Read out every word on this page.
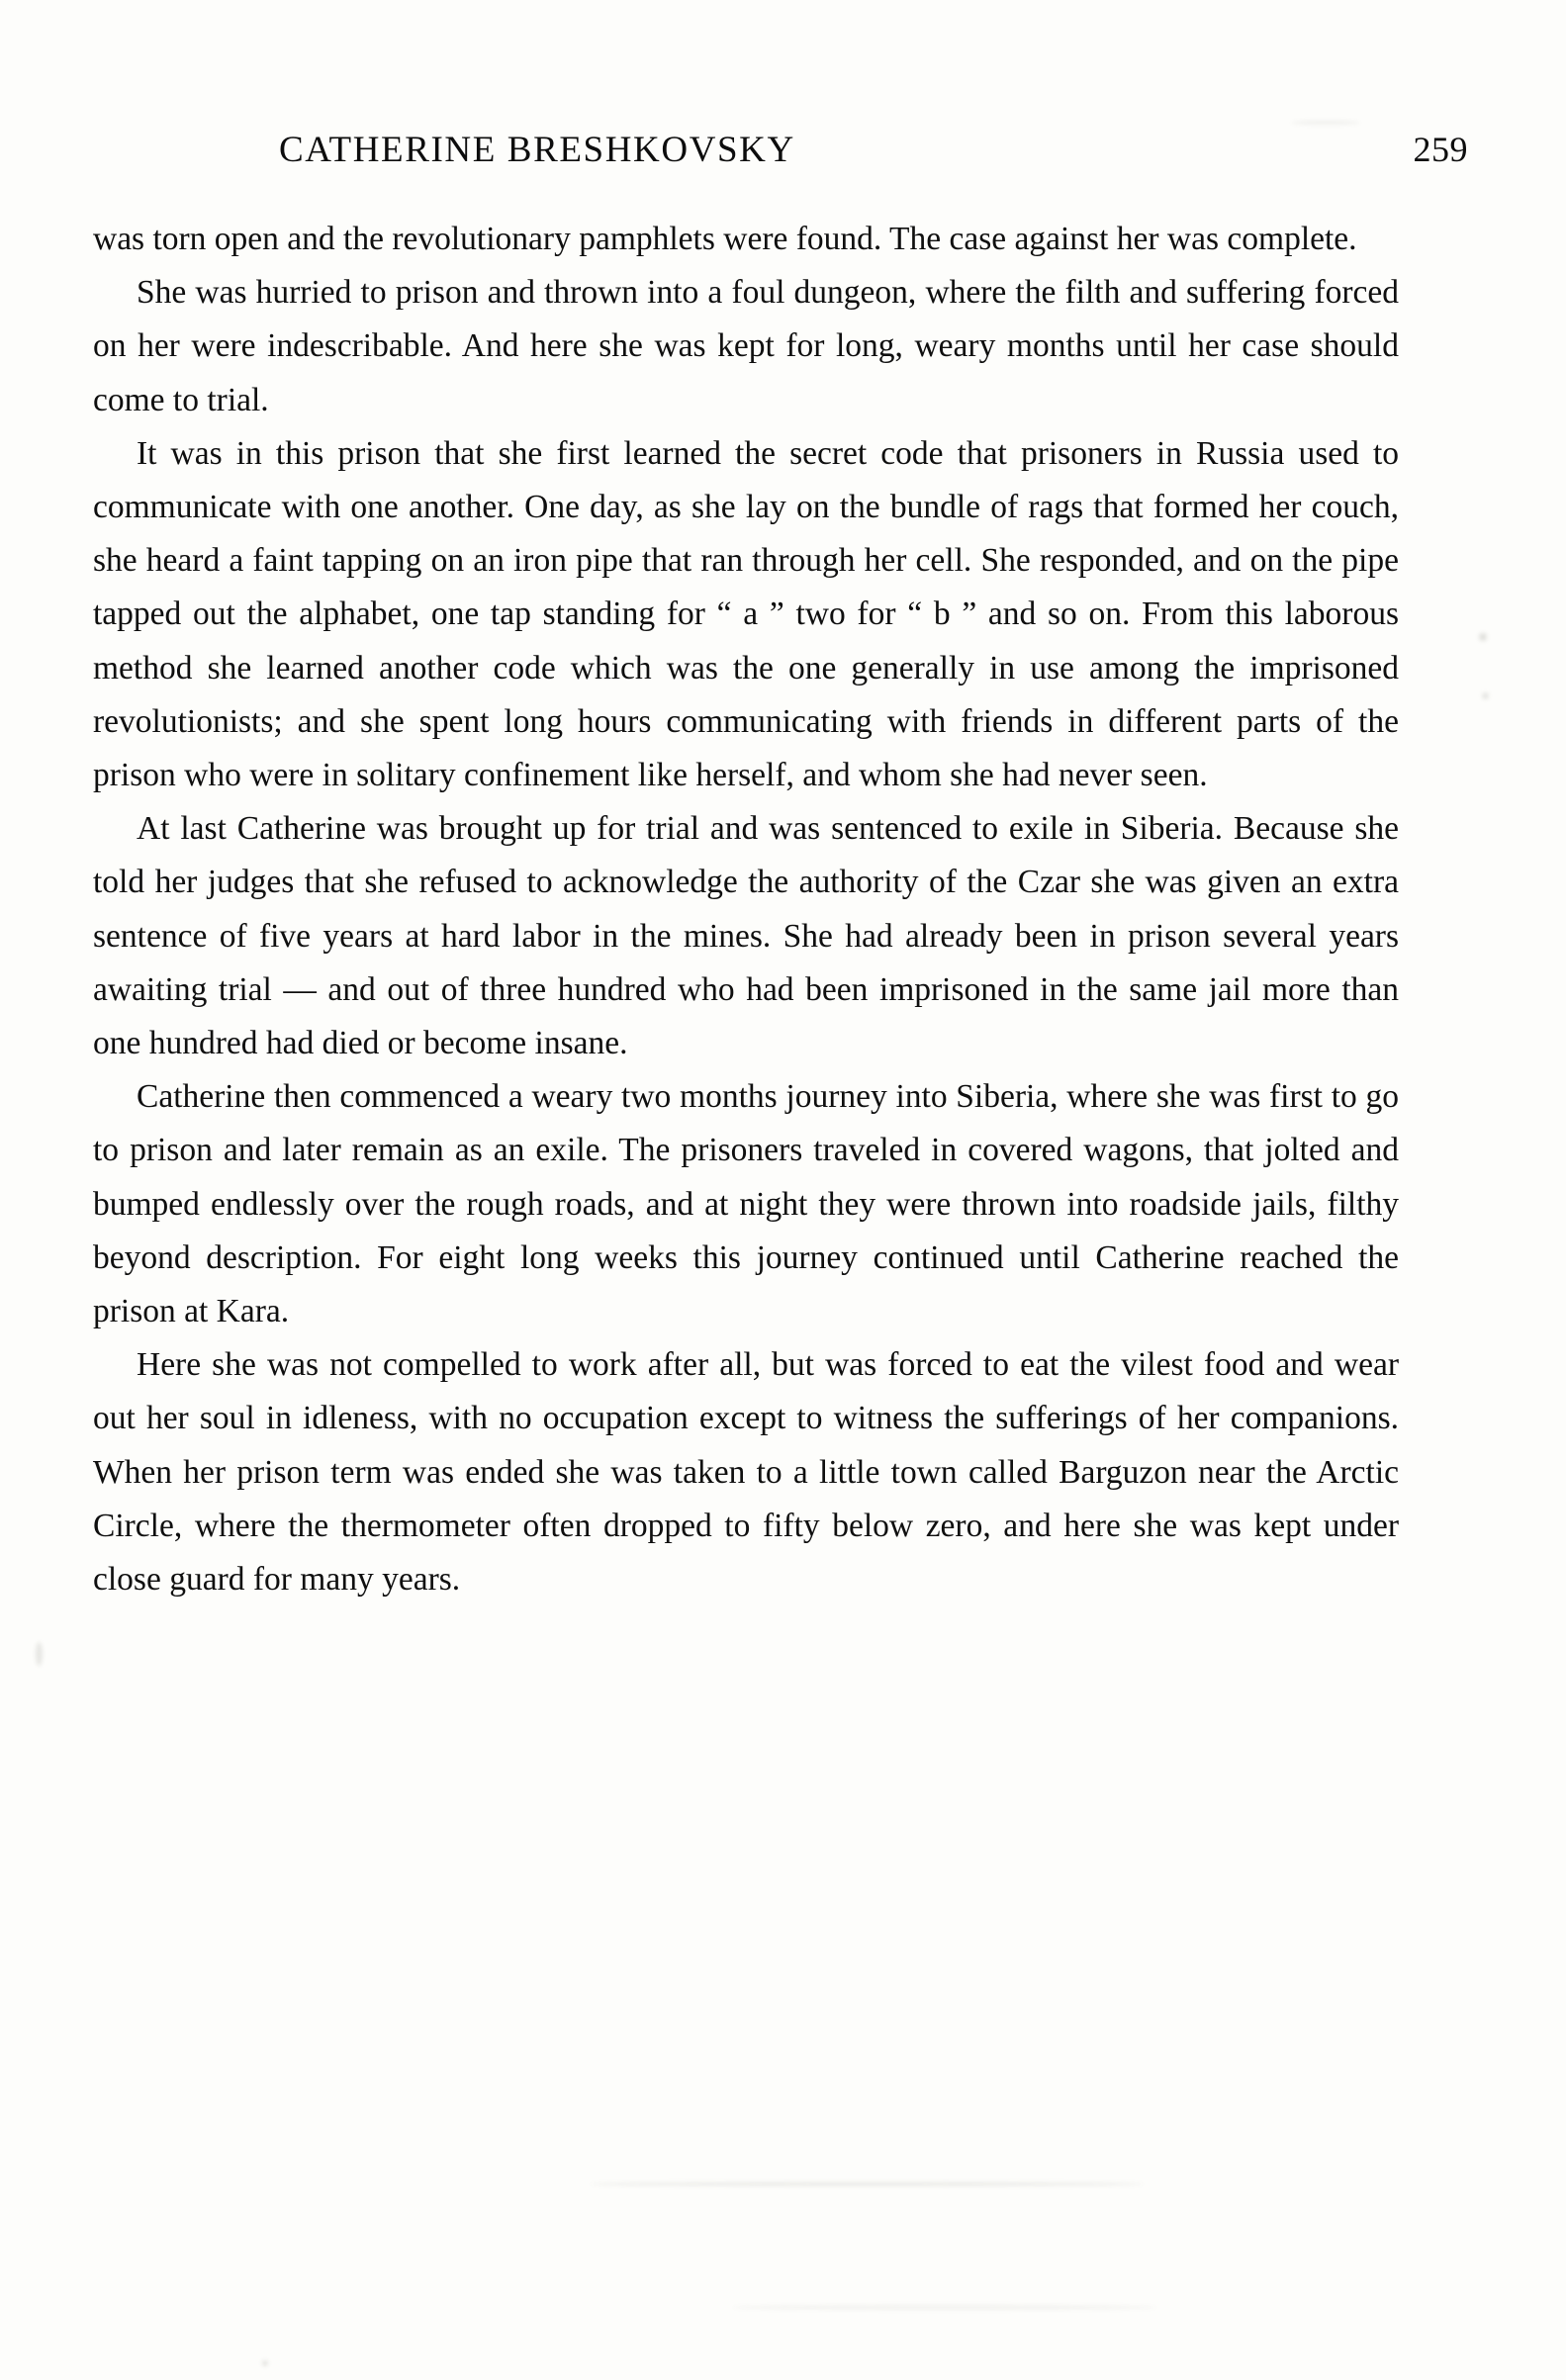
CATHERINE BRESHKOVSKY	259

was torn open and the revolutionary pamphlets were found. The case against her was complete.

She was hurried to prison and thrown into a foul dungeon, where the filth and suffering forced on her were indescribable. And here she was kept for long, weary months until her case should come to trial.

It was in this prison that she first learned the secret code that prisoners in Russia used to communicate with one another. One day, as she lay on the bundle of rags that formed her couch, she heard a faint tapping on an iron pipe that ran through her cell. She responded, and on the pipe tapped out the alphabet, one tap standing for “ a ” two for “ b ” and so on. From this laborous method she learned another code which was the one generally in use among the imprisoned revolutionists; and she spent long hours communicating with friends in different parts of the prison who were in solitary confinement like herself, and whom she had never seen.

At last Catherine was brought up for trial and was sentenced to exile in Siberia. Because she told her judges that she refused to acknowledge the authority of the Czar she was given an extra sentence of five years at hard labor in the mines. She had already been in prison several years awaiting trial — and out of three hundred who had been imprisoned in the same jail more than one hundred had died or become insane.

Catherine then commenced a weary two months journey into Siberia, where she was first to go to prison and later remain as an exile. The prisoners traveled in covered wagons, that jolted and bumped endlessly over the rough roads, and at night they were thrown into roadside jails, filthy beyond description. For eight long weeks this journey continued until Catherine reached the prison at Kara.

Here she was not compelled to work after all, but was forced to eat the vilest food and wear out her soul in idleness, with no occupation except to witness the sufferings of her companions. When her prison term was ended she was taken to a little town called Barguzon near the Arctic Circle, where the thermometer often dropped to fifty below zero, and here she was kept under close guard for many years.
